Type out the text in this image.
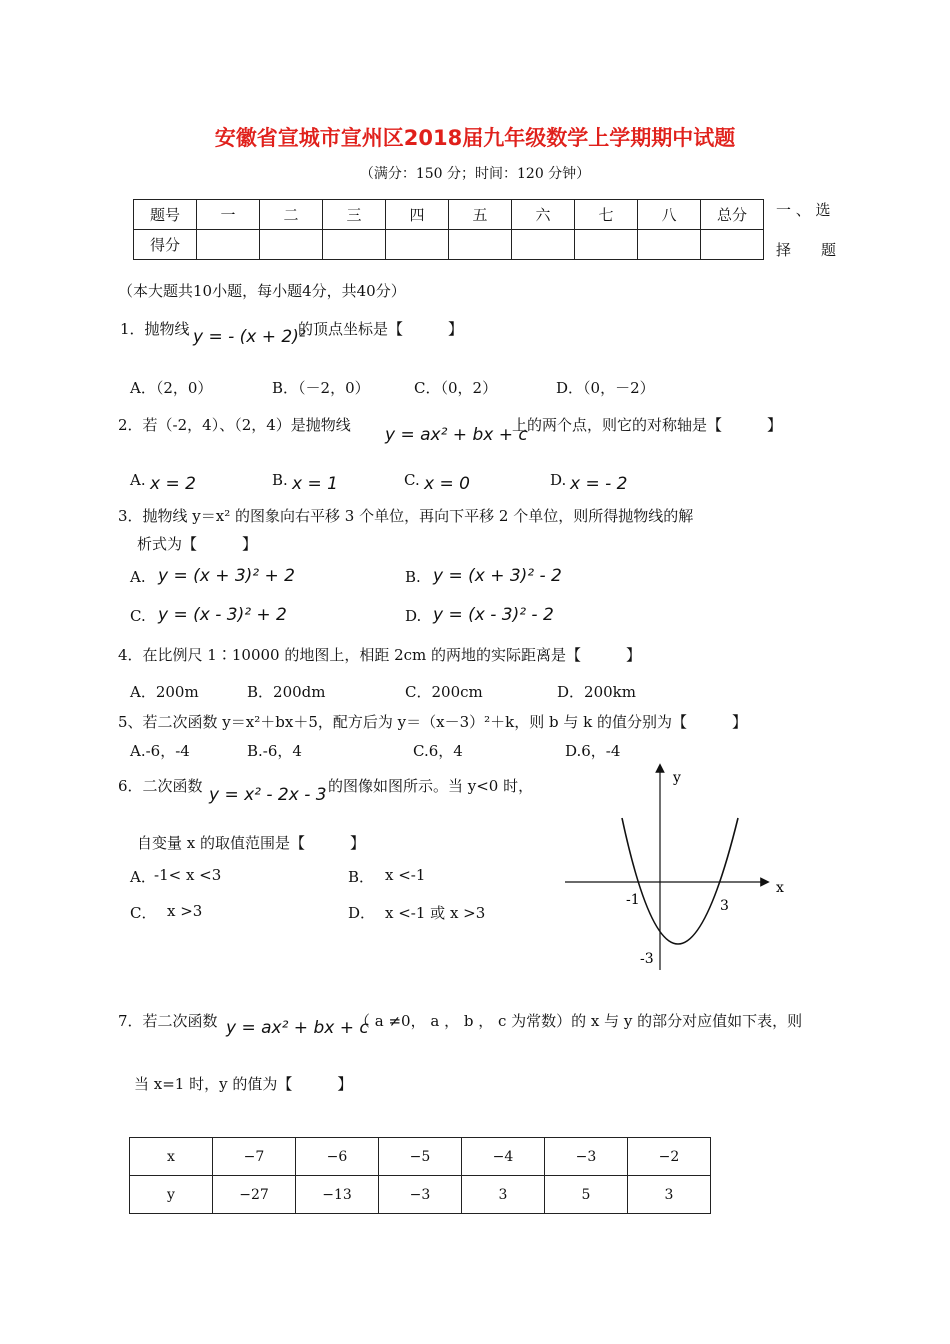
安徽省宣城市宣州区2018届九年级数学上学期期中试题
（满分：150 分；时间：120 分钟）
题号	一	二	三	四	五	六	七	八	总分
得分									
一 、 选
择　　题
（本大题共10小题，每小题4分，共40分）
1．抛物线 y = - (x + 2)²
的顶点坐标是【　　　】
A．（2，0）	B．（－2，0）	C．（0，2）	D．（0，－2）
2．若（-2，4）、（2，4）是抛物线 y = ax² + bx + c
上的两个点，则它的对称轴是【　　　】
A. x = 2	B. x = 1	C. x = 0	D. x = - 2
3．抛物线 y＝x² 的图象向右平移 3 个单位，再向下平移 2 个单位，则所得抛物线的解
析式为【　　　】
A. y = (x + 3)² + 2	B. y = (x + 3)² - 2
C. y = (x - 3)² + 2	D. y = (x - 3)² - 2
4．在比例尺 1∶10000 的地图上，相距 2cm 的两地的实际距离是【　　　】
A．200m	B．200dm	C．200cm	D．200km
5、若二次函数 y＝x²＋bx＋5，配方后为 y＝（x－3）²＋k，则 b 与 k 的值分别为【　　　】
A.-6，-4	B.-6，4	C.6，4	D.6，-4
6．二次函数 y = x² - 2x - 3 的图像如图所示。当 y<0 时，
自变量 x 的取值范围是【　　　】
A．
-1< x <3	B． x <-1
C． x >3	D． x <-1 或 x >3
y
x
-1	3
-3
7．若二次函数 y = ax² + bx + c
（ a ≠0， a ， b ， c 为常数）的 x 与 y 的部分对应值如下表，则
当 x=1 时，y 的值为【　　　】
x	−7	−6	−5	−4	−3	−2
y	−27	−13	−3	3	5	3
